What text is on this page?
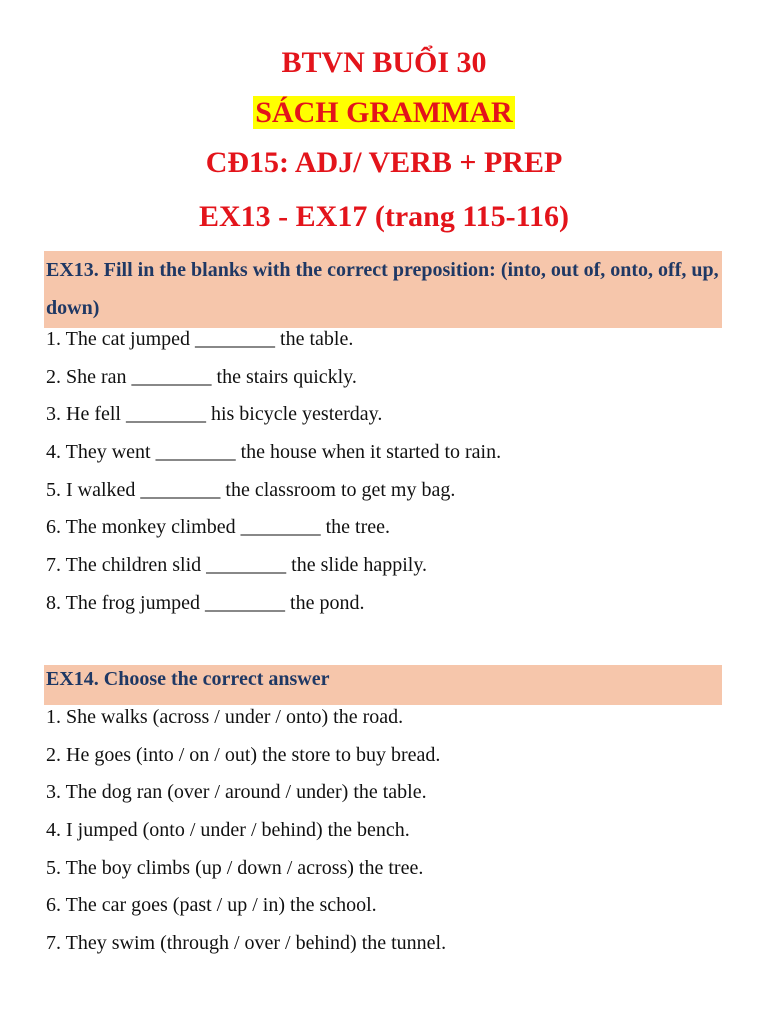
BTVN BUỔI 30
SÁCH GRAMMAR
CĐ15: ADJ/ VERB + PREP
EX13 - EX17 (trang 115-116)
EX13. Fill in the blanks with the correct preposition: (into, out of, onto, off, up, down)
1. The cat jumped ________ the table.
2. She ran ________ the stairs quickly.
3. He fell ________ his bicycle yesterday.
4. They went ________ the house when it started to rain.
5. I walked ________ the classroom to get my bag.
6. The monkey climbed ________ the tree.
7. The children slid ________ the slide happily.
8. The frog jumped ________ the pond.
EX14. Choose the correct answer
1. She walks (across / under / onto) the road.
2. He goes (into / on / out) the store to buy bread.
3. The dog ran (over / around / under) the table.
4. I jumped (onto / under / behind) the bench.
5. The boy climbs (up / down / across) the tree.
6. The car goes (past / up / in) the school.
7. They swim (through / over / behind) the tunnel.
